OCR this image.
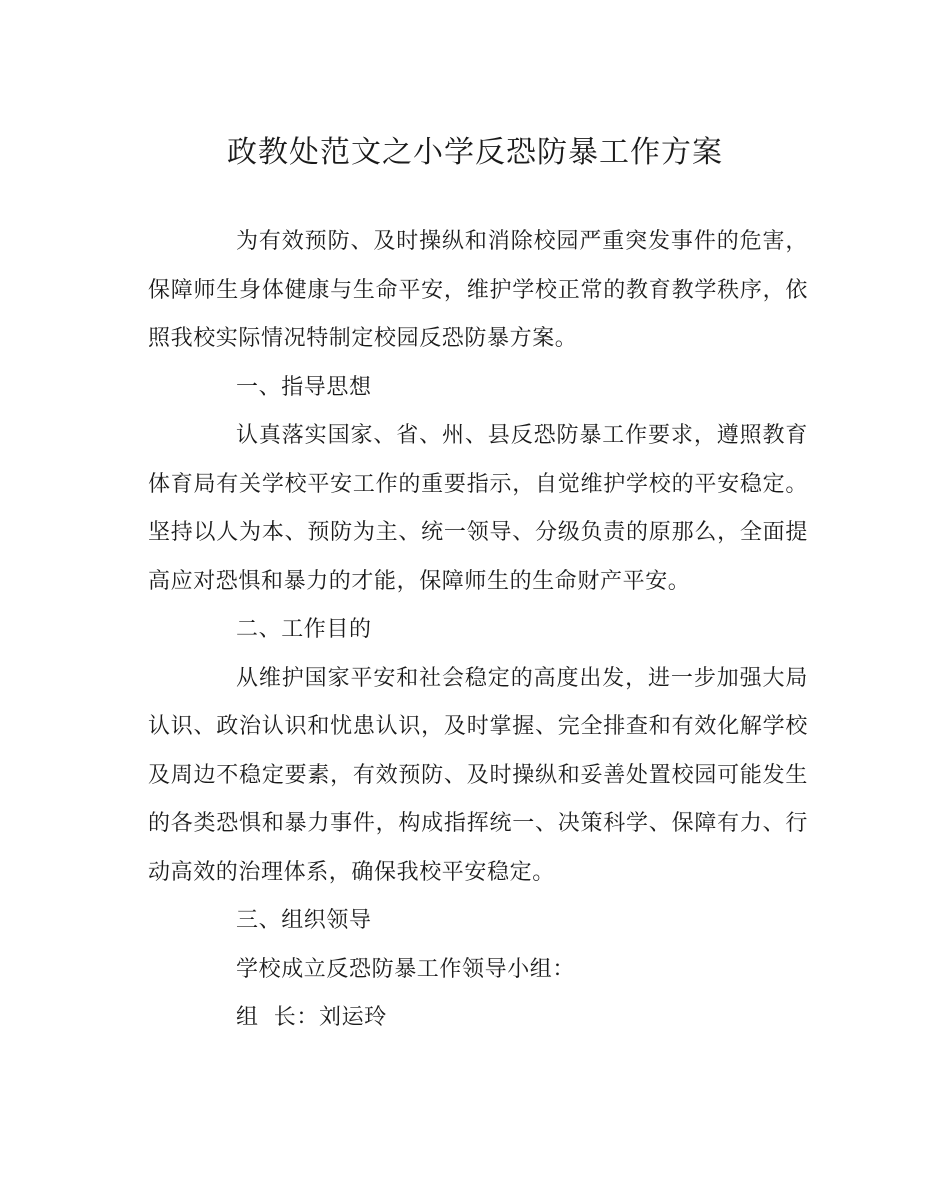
政教处范文之小学反恐防暴工作方案

为有效预防、及时操纵和消除校园严重突发事件的危害，保障师生身体健康与生命平安，维护学校正常的教育教学秩序，依照我校实际情况特制定校园反恐防暴方案。

一、指导思想

认真落实国家、省、州、县反恐防暴工作要求，遵照教育体育局有关学校平安工作的重要指示，自觉维护学校的平安稳定。坚持以人为本、预防为主、统一领导、分级负责的原那么，全面提高应对恐惧和暴力的才能，保障师生的生命财产平安。

二、工作目的

从维护国家平安和社会稳定的高度出发，进一步加强大局认识、政治认识和忧患认识，及时掌握、完全排查和有效化解学校及周边不稳定要素，有效预防、及时操纵和妥善处置校园可能发生的各类恐惧和暴力事件，构成指挥统一、决策科学、保障有力、行动高效的治理体系，确保我校平安稳定。

三、组织领导

学校成立反恐防暴工作领导小组：

组  长：刘运玲
